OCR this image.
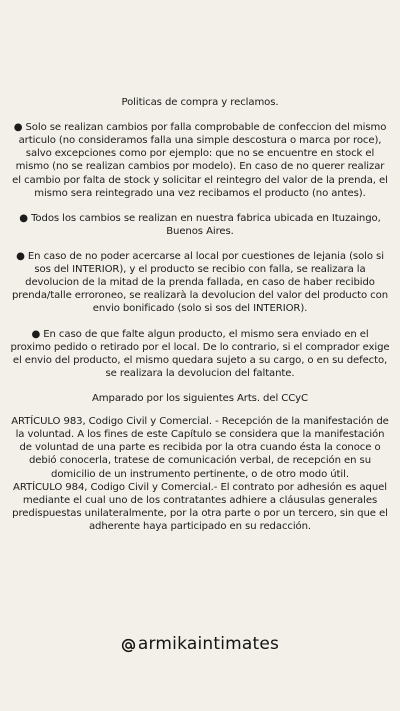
Politicas de compra y reclamos.

● Solo se realizan cambios por falla comprobable de confeccion del mismo articulo (no consideramos falla una simple descostura o marca por roce), salvo excepciones como por ejemplo: que no se encuentre en stock el mismo (no se realizan cambios por modelo). En caso de no querer realizar el cambio por falta de stock y solicitar el reintegro del valor de la prenda, el mismo sera reintegrado una vez recibamos el producto (no antes).

● Todos los cambios se realizan en nuestra fabrica ubicada en Ituzaingo, Buenos Aires.

● En caso de no poder acercarse al local por cuestiones de lejania (solo si sos del INTERIOR), y el producto se recibio con falla, se realizara la devolucion de la mitad de la prenda fallada, en caso de haber recibido prenda/talle erroroneo, se realizarà la devolucion del valor del producto con envio bonificado (solo si sos del INTERIOR).

● En caso de que falte algun producto, el mismo sera enviado en el proximo pedido o retirado por el local. De lo contrario, si el comprador exige el envio del producto, el mismo quedara sujeto a su cargo, o en su defecto, se realizara la devolucion del faltante.

Amparado por los siguientes Arts. del CCyC

ARTÍCULO 983, Codigo Civil y Comercial. - Recepción de la manifestación de la voluntad. A los fines de este Capítulo se considera que la manifestación de voluntad de una parte es recibida por la otra cuando ésta la conoce o debió conocerla, tratese de comunicación verbal, de recepción en su domicilio de un instrumento pertinente, o de otro modo útil.

ARTÍCULO 984, Codigo Civil y Comercial.- El contrato por adhesión es aquel mediante el cual uno de los contratantes adhiere a cláusulas generales predispuestas unilateralmente, por la otra parte o por un tercero, sin que el adherente haya participado en su redacción.

armikaintimates
